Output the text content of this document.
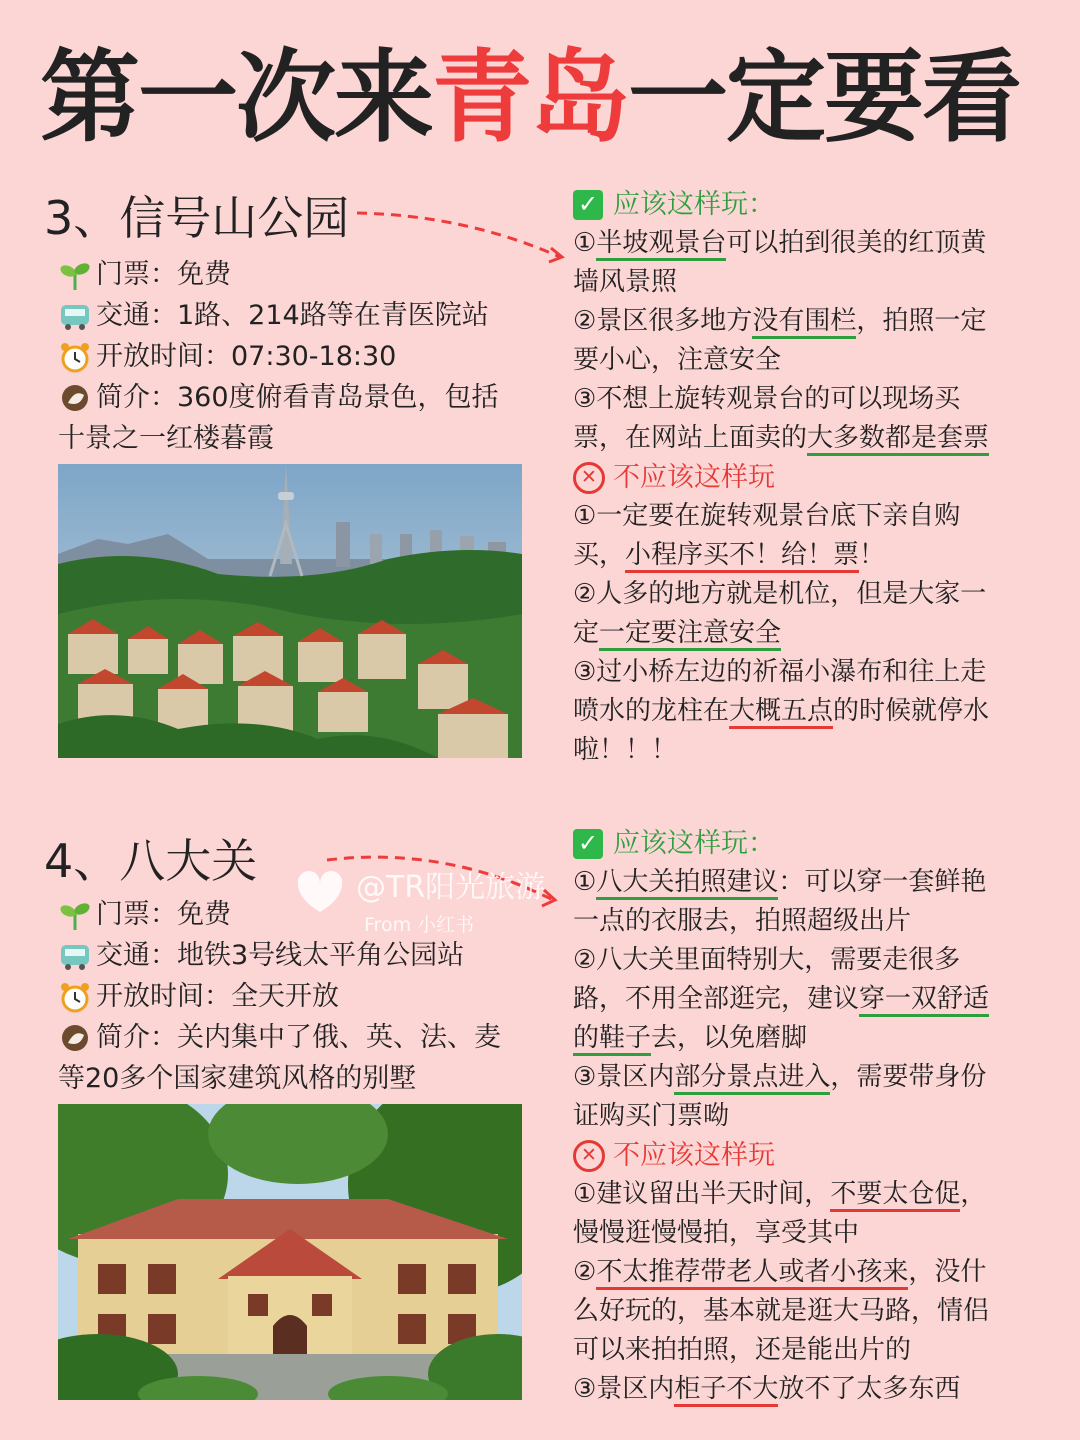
第一次来青岛一定要看
3、信号山公园
门票：免费
交通：1路、214路等在青医院站
开放时间：07:30-18:30
简介：360度俯看青岛景色，包括
十景之一红楼暮霞
✓ 应该这样玩：
①半坡观景台可以拍到很美的红顶黄
墙风景照
②景区很多地方没有围栏，拍照一定
要小心，注意安全
③不想上旋转观景台的可以现场买
票，在网站上面卖的大多数都是套票
✕ 不应该这样玩
①一定要在旋转观景台底下亲自购
买，小程序买不！给！票！
②人多的地方就是机位，但是大家一
定一定要注意安全
③过小桥左边的祈福小瀑布和往上走
喷水的龙柱在大概五点的时候就停水
啦！！！
4、八大关	@TR阳光旅游
From 小红书
门票：免费
交通：地铁3号线太平角公园站
开放时间：全天开放
简介：关内集中了俄、英、法、麦
等20多个国家建筑风格的别墅
✓ 应该这样玩：
①八大关拍照建议：可以穿一套鲜艳
一点的衣服去，拍照超级出片
②八大关里面特别大，需要走很多
路，不用全部逛完，建议穿一双舒适
的鞋子去，以免磨脚
③景区内部分景点进入，需要带身份
证购买门票呦
✕ 不应该这样玩
①建议留出半天时间，不要太仓促，
慢慢逛慢慢拍，享受其中
②不太推荐带老人或者小孩来，没什
么好玩的，基本就是逛大马路，情侣
可以来拍拍照，还是能出片的
③景区内柜子不大放不了太多东西
